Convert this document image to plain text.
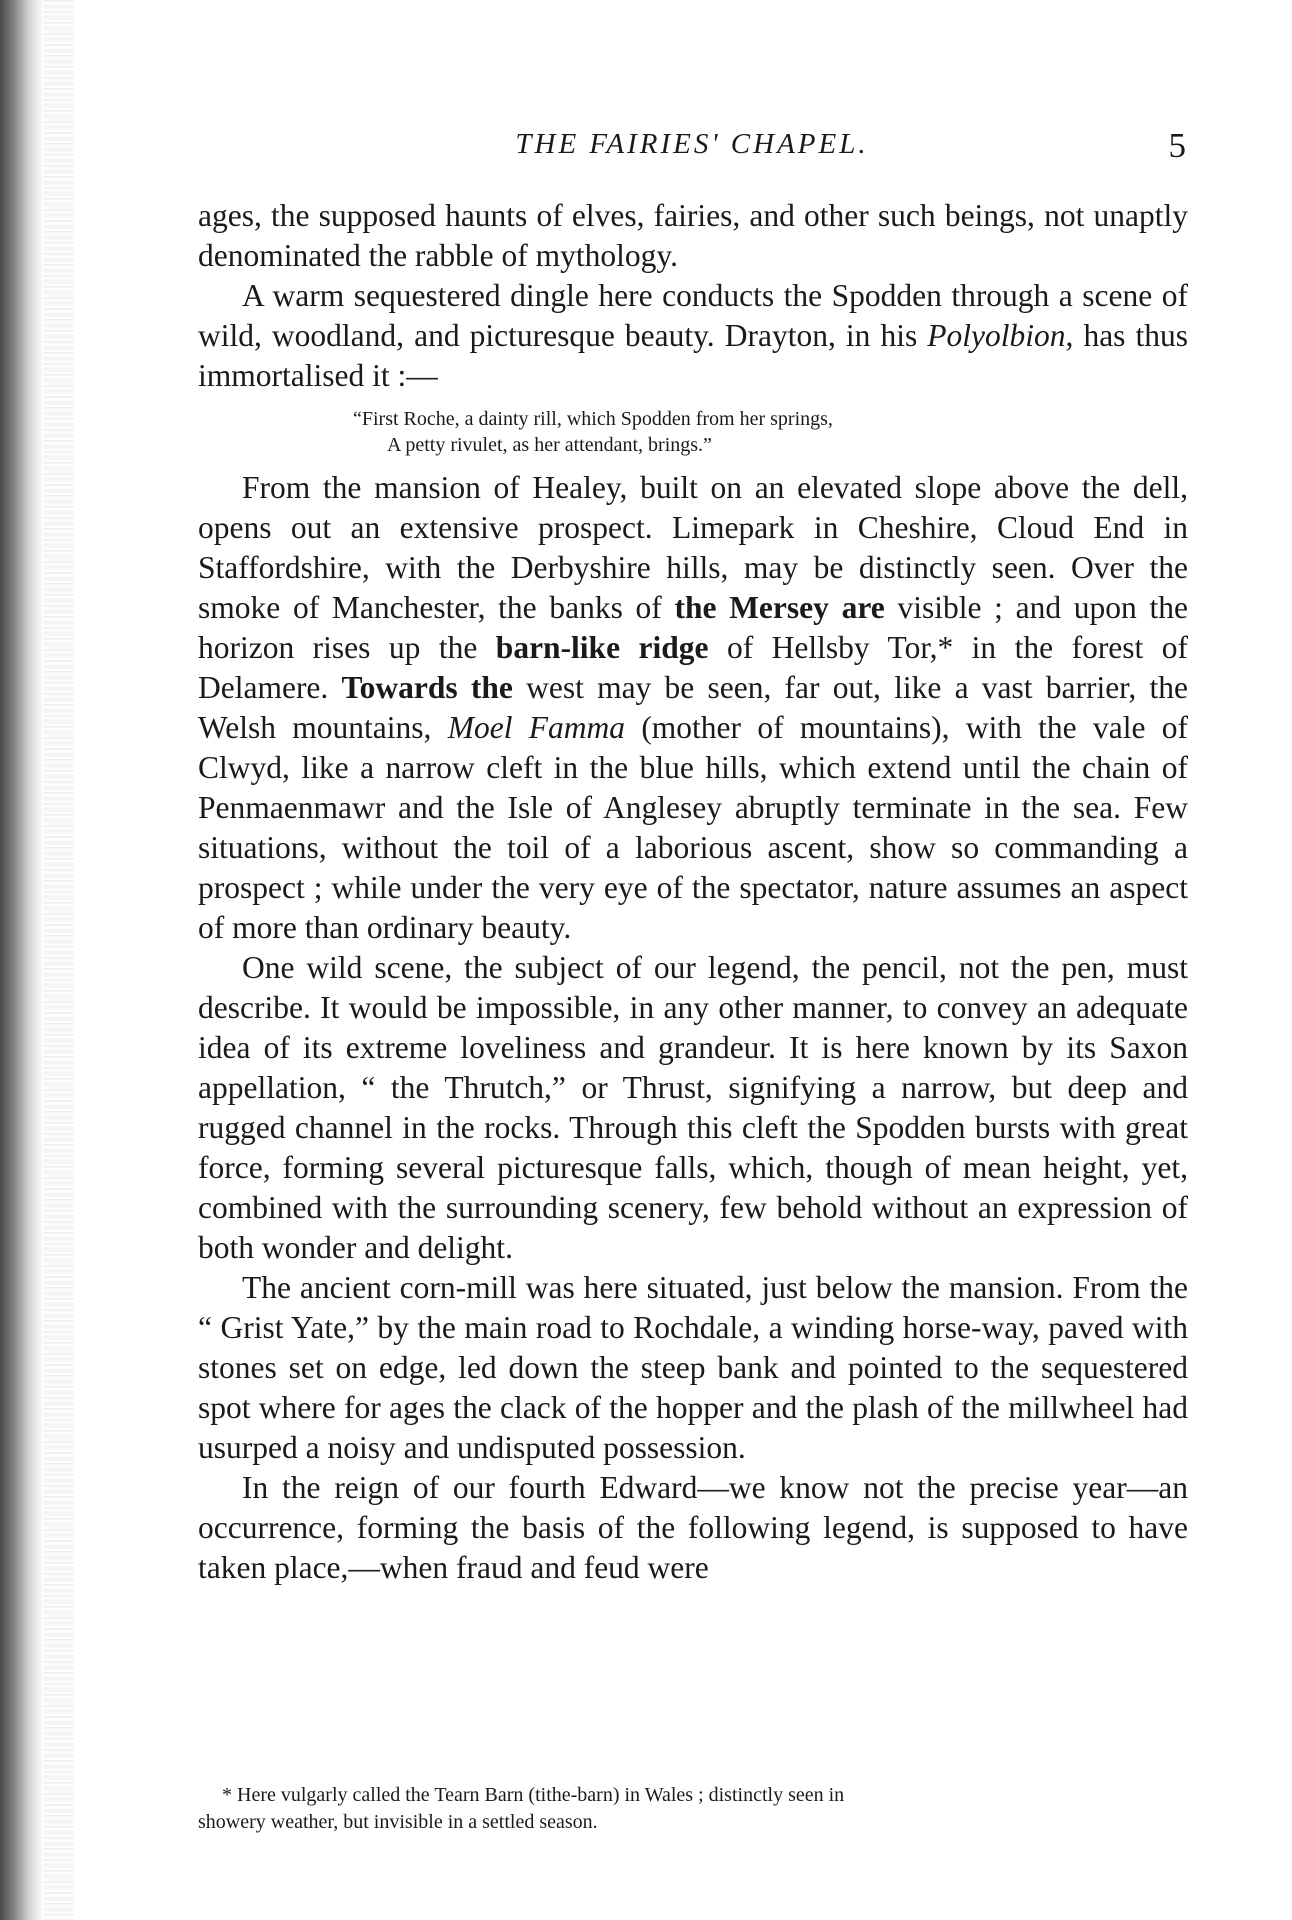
THE FAIRIES' CHAPEL.	5

ages, the supposed haunts of elves, fairies, and other such beings, not unaptly denominated the rabble of mythology.

A warm sequestered dingle here conducts the Spodden through a scene of wild, woodland, and picturesque beauty. Drayton, in his Polyolbion, has thus immortalised it :—

“First Roche, a dainty rill, which Spodden from her springs,
A petty rivulet, as her attendant, brings.”

From the mansion of Healey, built on an elevated slope above the dell, opens out an extensive prospect. Limepark in Cheshire, Cloud End in Staffordshire, with the Derbyshire hills, may be distinctly seen. Over the smoke of Manchester, the banks of the Mersey are visible ; and upon the horizon rises up the barn-like ridge of Hellsby Tor,* in the forest of Delamere. Towards the west may be seen, far out, like a vast barrier, the Welsh mountains, Moel Famma (mother of mountains), with the vale of Clwyd, like a narrow cleft in the blue hills, which extend until the chain of Penmaenmawr and the Isle of Anglesey abruptly terminate in the sea. Few situations, without the toil of a laborious ascent, show so commanding a prospect ; while under the very eye of the spectator, nature assumes an aspect of more than ordinary beauty.

One wild scene, the subject of our legend, the pencil, not the pen, must describe. It would be impossible, in any other manner, to convey an adequate idea of its extreme loveliness and grandeur. It is here known by its Saxon appellation, “ the Thrutch,” or Thrust, signifying a narrow, but deep and rugged channel in the rocks. Through this cleft the Spodden bursts with great force, forming several picturesque falls, which, though of mean height, yet, combined with the surrounding scenery, few behold without an expression of both wonder and delight.

The ancient corn-mill was here situated, just below the mansion. From the “ Grist Yate,” by the main road to Rochdale, a winding horse-way, paved with stones set on edge, led down the steep bank and pointed to the sequestered spot where for ages the clack of the hopper and the plash of the millwheel had usurped a noisy and undisputed possession.

In the reign of our fourth Edward—we know not the precise year—an occurrence, forming the basis of the following legend, is supposed to have taken place,—when fraud and feud were

* Here vulgarly called the Tearn Barn (tithe-barn) in Wales ; distinctly seen in
showery weather, but invisible in a settled season.
